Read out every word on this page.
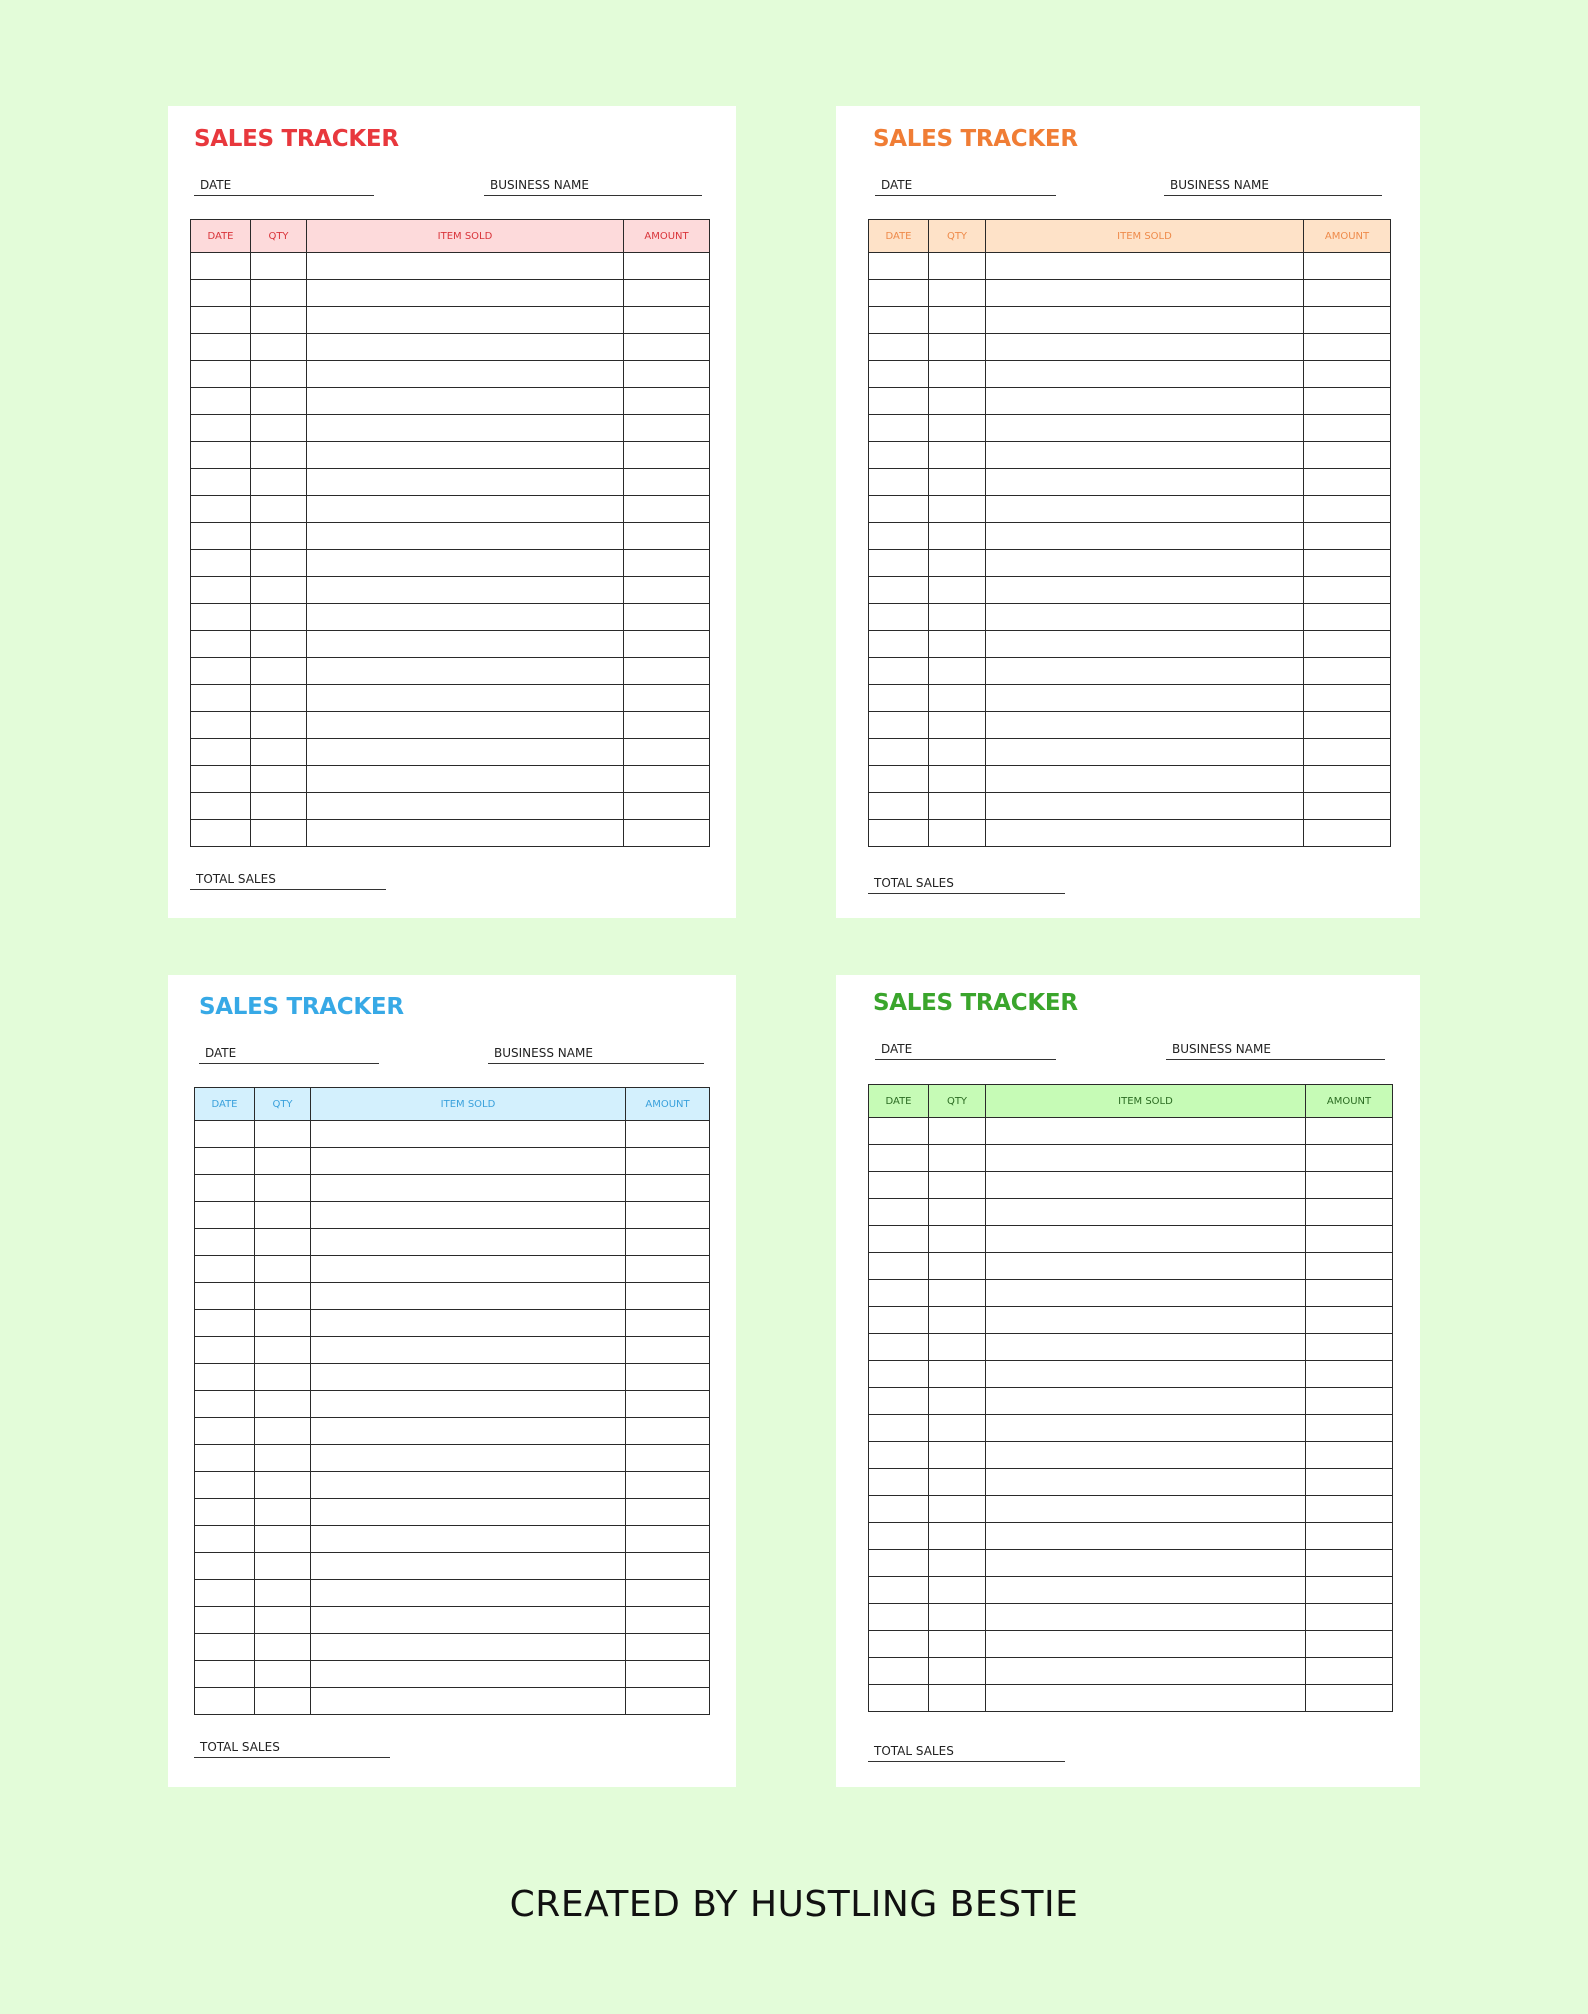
SALES TRACKER
DATE	BUSINESS NAME
DATE	QTY	ITEM SOLD	AMOUNT

TOTAL SALES
SALES TRACKER
DATE	BUSINESS NAME
DATE	QTY	ITEM SOLD	AMOUNT

TOTAL SALES
SALES TRACKER
DATE	BUSINESS NAME
DATE	QTY	ITEM SOLD	AMOUNT

TOTAL SALES
SALES TRACKER
DATE	BUSINESS NAME
DATE	QTY	ITEM SOLD	AMOUNT

TOTAL SALES
CREATED BY HUSTLING BESTIE
